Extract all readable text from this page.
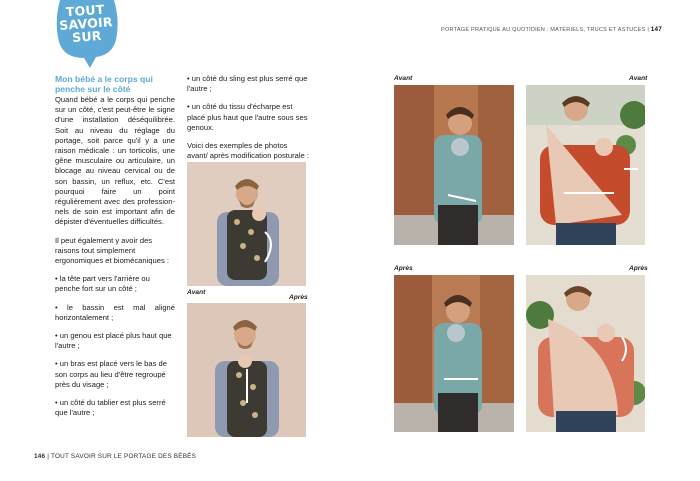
TOUT
SAVOIR
SUR
Mon bébé a le corps qui penche sur le côté

Quand bébé a le corps qui penche sur un côté, c'est peut-être le signe d'une installation déséquilibrée. Soit au niveau du réglage du portage, soit parce qu'il y a une raison médicale : un torticolis, une gêne musculaire ou articulaire, un blocage au niveau cervical ou de son bassin, un reflux, etc. C'est pourquoi faire un point régulièrement avec des professionnels de soin est important afin de dépister d'éventuelles difficultés.

Il peut également y avoir des raisons tout simplement ergonomiques et biomécaniques :

• la tête part vers l'arrière ou penche fort sur un côté ;

• le bassin est mal aligné horizontalement ;

• un genou est placé plus haut que l'autre ;

• un bras est placé vers le bas de son corps au lieu d'être regroupé près du visage ;

• un côté du tablier est plus serré que l'autre ;

• un côté du sling est plus serré que l'autre ;

• un côté du tissu d'écharpe est placé plus haut que l'autre sous ses genoux.

Voici des exemples de photos avant/ après modification posturale :

Avant
Après
146 | TOUT SAVOIR SUR LE PORTAGE DES BÉBÉS
PORTAGE PRATIQUE AU QUOTIDIEN : MATÉRIELS, TRUCS ET ASTUCES | 147
Avant	Avant
Après	Après
